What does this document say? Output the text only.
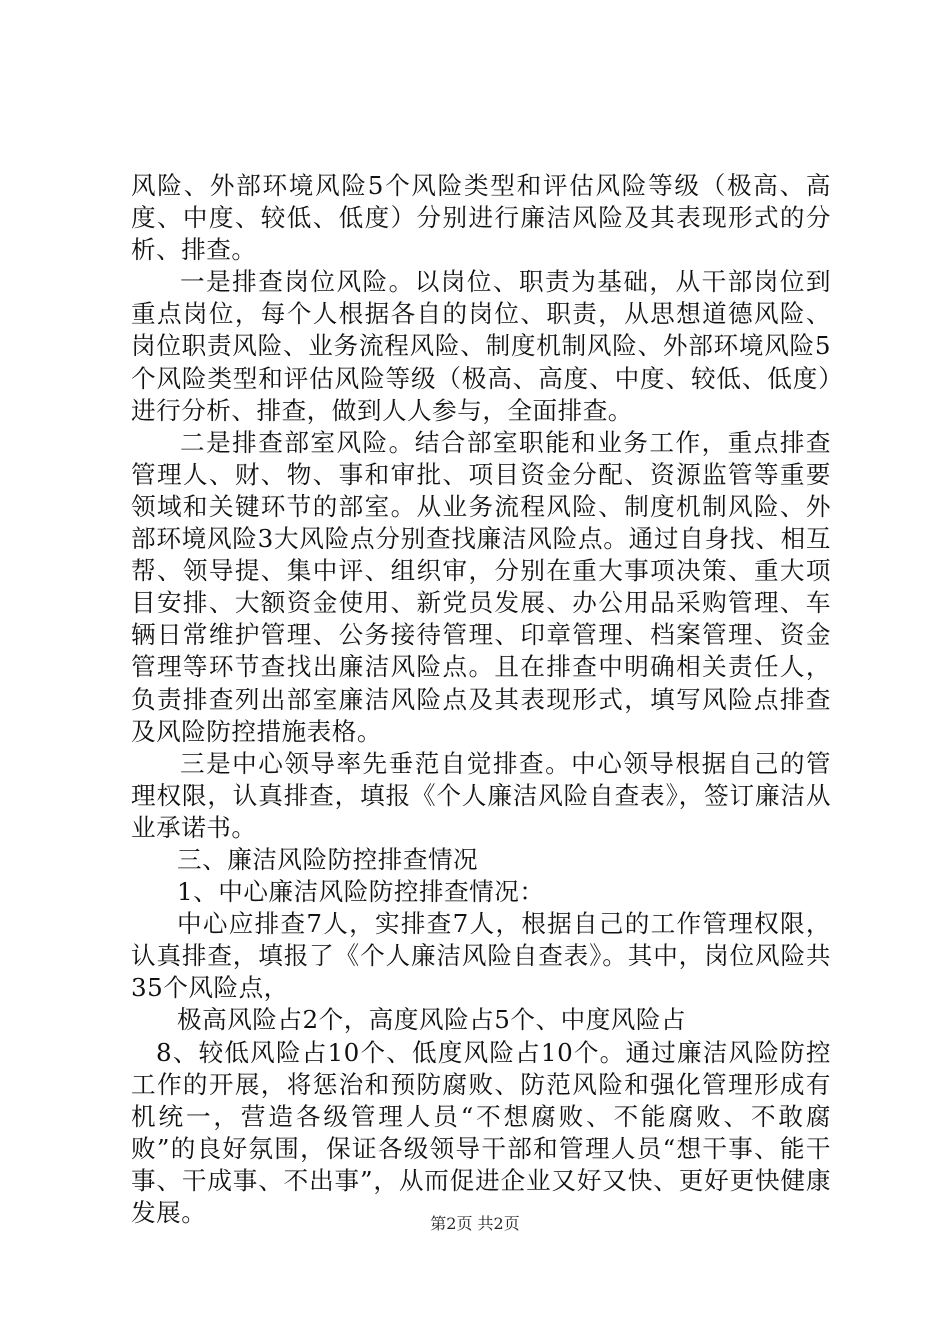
风险、外部环境风险5个风险类型和评估风险等级（极高、高度、中度、较低、低度）分别进行廉洁风险及其表现形式的分析、排查。

一是排查岗位风险。以岗位、职责为基础，从干部岗位到重点岗位，每个人根据各自的岗位、职责，从思想道德风险、岗位职责风险、业务流程风险、制度机制风险、外部环境风险5个风险类型和评估风险等级（极高、高度、中度、较低、低度）进行分析、排查，做到人人参与，全面排查。

二是排查部室风险。结合部室职能和业务工作，重点排查管理人、财、物、事和审批、项目资金分配、资源监管等重要领域和关键环节的部室。从业务流程风险、制度机制风险、外部环境风险3大风险点分别查找廉洁风险点。通过自身找、相互帮、领导提、集中评、组织审，分别在重大事项决策、重大项目安排、大额资金使用、新党员发展、办公用品采购管理、车辆日常维护管理、公务接待管理、印章管理、档案管理、资金管理等环节查找出廉洁风险点。且在排查中明确相关责任人，负责排查列出部室廉洁风险点及其表现形式，填写风险点排查及风险防控措施表格。

三是中心领导率先垂范自觉排查。中心领导根据自己的管理权限，认真排查，填报《个人廉洁风险自查表》，签订廉洁从业承诺书。

三、廉洁风险防控排查情况

1、中心廉洁风险防控排查情况：

中心应排查7人，实排查7人，根据自己的工作管理权限，认真排查，填报了《个人廉洁风险自查表》。其中，岗位风险共35个风险点，

极高风险占2个，高度风险占5个、中度风险占

8、较低风险占10个、低度风险占10个。通过廉洁风险防控工作的开展，将惩治和预防腐败、防范风险和强化管理形成有机统一，营造各级管理人员“不想腐败、不能腐败、不敢腐败”的良好氛围，保证各级领导干部和管理人员“想干事、能干事、干成事、不出事”，从而促进企业又好又快、更好更快健康发展。	第2页 共2页
